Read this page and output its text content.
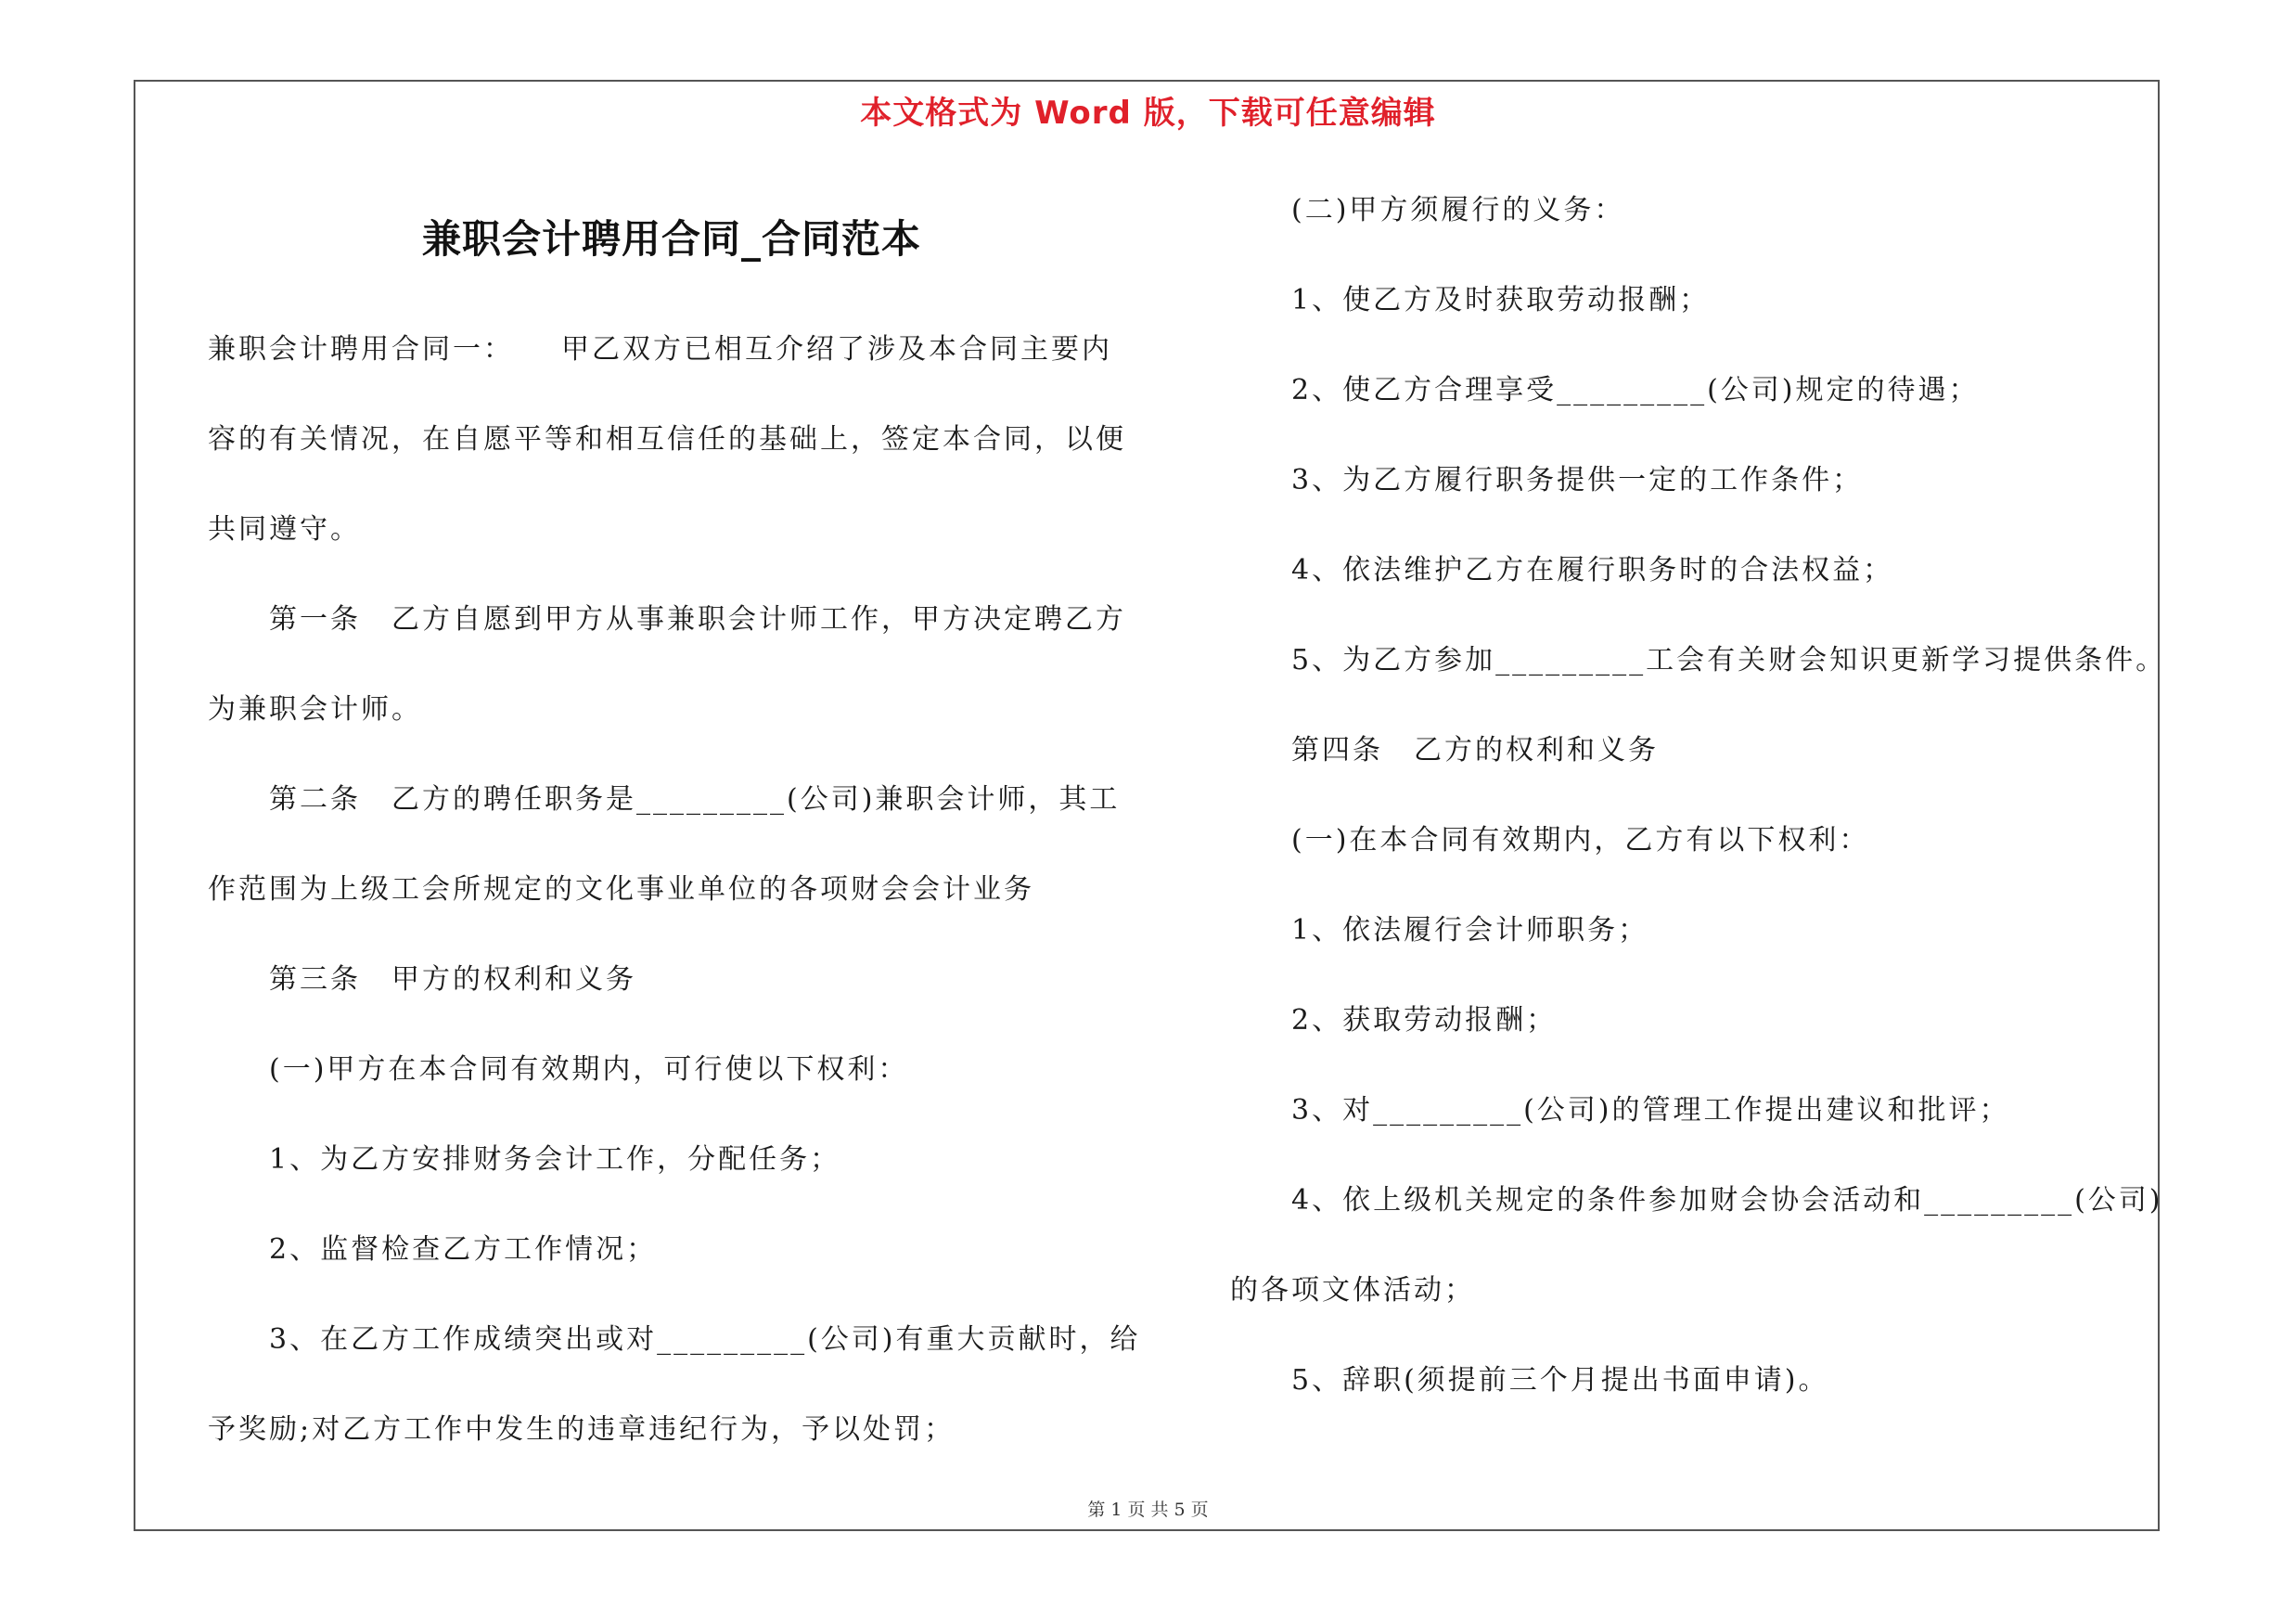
本文格式为 Word 版，下载可任意编辑
兼职会计聘用合同_合同范本
兼职会计聘用合同一：　　甲乙双方已相互介绍了涉及本合同主要内
容的有关情况，在自愿平等和相互信任的基础上，签定本合同，以便
共同遵守。
　　第一条　乙方自愿到甲方从事兼职会计师工作，甲方决定聘乙方
为兼职会计师。
　　第二条　乙方的聘任职务是_________(公司)兼职会计师，其工
作范围为上级工会所规定的文化事业单位的各项财会会计业务
　　第三条　甲方的权利和义务
　　(一)甲方在本合同有效期内，可行使以下权利：
　　1、为乙方安排财务会计工作，分配任务；
　　2、监督检查乙方工作情况；
　　3、在乙方工作成绩突出或对_________(公司)有重大贡献时，给
予奖励;对乙方工作中发生的违章违纪行为，予以处罚；
　　(二)甲方须履行的义务：
　　1、使乙方及时获取劳动报酬；
　　2、使乙方合理享受_________(公司)规定的待遇；
　　3、为乙方履行职务提供一定的工作条件；
　　4、依法维护乙方在履行职务时的合法权益；
　　5、为乙方参加_________工会有关财会知识更新学习提供条件。
　　第四条　乙方的权利和义务
　　(一)在本合同有效期内，乙方有以下权利：
　　1、依法履行会计师职务；
　　2、获取劳动报酬；
　　3、对_________(公司)的管理工作提出建议和批评；
　　4、依上级机关规定的条件参加财会协会活动和_________(公司)
的各项文体活动；
　　5、辞职(须提前三个月提出书面申请)。
第 1 页 共 5 页
